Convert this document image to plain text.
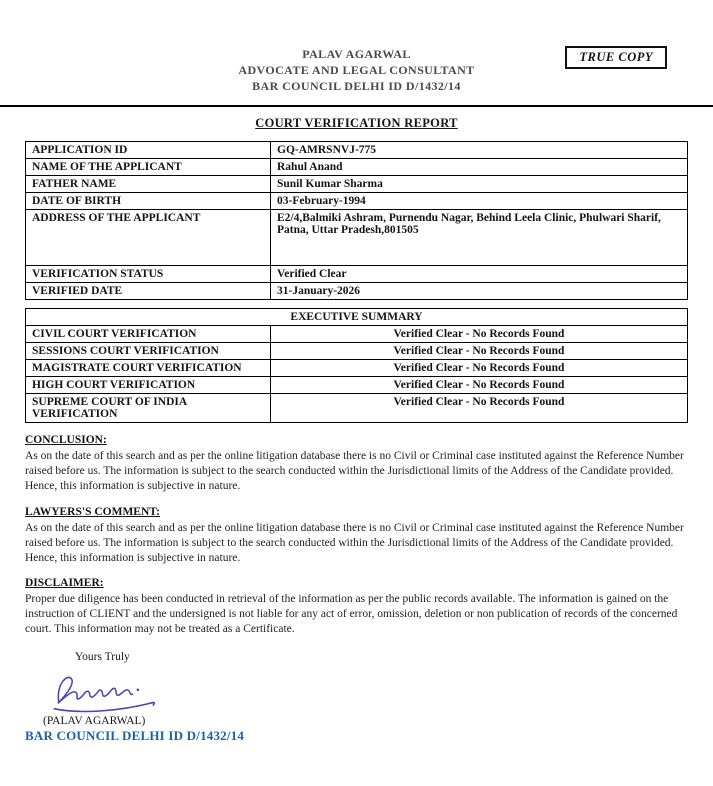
TRUE COPY
PALAV AGARWAL
ADVOCATE AND LEGAL CONSULTANT
BAR COUNCIL DELHI ID D/1432/14
COURT VERIFICATION REPORT
APPLICATION ID	GQ-AMRSNVJ-775
NAME OF THE APPLICANT	Rahul Anand
FATHER NAME	Sunil Kumar Sharma
DATE OF BIRTH	03-February-1994
ADDRESS OF THE APPLICANT	E2/4,Balmiki Ashram, Purnendu Nagar, Behind Leela Clinic, Phulwari Sharif, Patna, Uttar Pradesh,801505
VERIFICATION STATUS	Verified Clear
VERIFIED DATE	31-January-2026
EXECUTIVE SUMMARY	
CIVIL COURT VERIFICATION	Verified Clear - No Records Found
SESSIONS COURT VERIFICATION	Verified Clear - No Records Found
MAGISTRATE COURT VERIFICATION	Verified Clear - No Records Found
HIGH COURT VERIFICATION	Verified Clear - No Records Found
SUPREME COURT OF INDIA VERIFICATION	Verified Clear - No Records Found
CONCLUSION:
As on the date of this search and as per the online litigation database there is no Civil or Criminal case instituted against the Reference Number raised before us. The information is subject to the search conducted within the Jurisdictional limits of the Address of the Candidate provided. Hence, this information is subjective in nature.
LAWYERS'S COMMENT:
As on the date of this search and as per the online litigation database there is no Civil or Criminal case instituted against the Reference Number raised before us. The information is subject to the search conducted within the Jurisdictional limits of the Address of the Candidate provided. Hence, this information is subjective in nature.
DISCLAIMER:
Proper due diligence has been conducted in retrieval of the information as per the public records available. The information is gained on the instruction of CLIENT and the undersigned is not liable for any act of error, omission, deletion or non publication of records of the concerned court. This information may not be treated as a Certificate.
Yours Truly
(PALAV AGARWAL)
BAR COUNCIL DELHI ID D/1432/14
